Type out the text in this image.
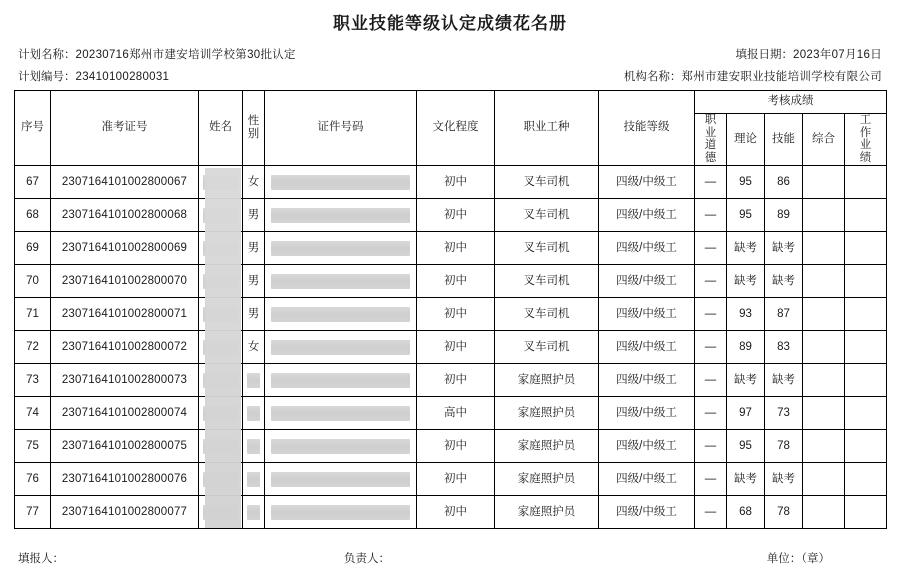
职业技能等级认定成绩花名册
计划名称：20230716郑州市建安培训学校第30批认定	填报日期：2023年07月16日
计划编号：23410100280031	机构名称：郑州市建安职业技能培训学校有限公司
序号	准考证号	姓名	性别	证件号码	文化程度	职业工种	技能等级	考核成绩				
								职业道德	理论	技能	综合	工作业绩
67	2307164101002800067		女		初中	叉车司机	四级/中级工	—	95	86		
68	2307164101002800068		男		初中	叉车司机	四级/中级工	—	95	89		
69	2307164101002800069		男		初中	叉车司机	四级/中级工	—	缺考	缺考		
70	2307164101002800070		男		初中	叉车司机	四级/中级工	—	缺考	缺考		
71	2307164101002800071		男		初中	叉车司机	四级/中级工	—	93	87		
72	2307164101002800072		女		初中	叉车司机	四级/中级工	—	89	83		
73	2307164101002800073				初中	家庭照护员	四级/中级工	—	缺考	缺考		
74	2307164101002800074				高中	家庭照护员	四级/中级工	—	97	73		
75	2307164101002800075				初中	家庭照护员	四级/中级工	—	95	78		
76	2307164101002800076				初中	家庭照护员	四级/中级工	—	缺考	缺考		
77	2307164101002800077				初中	家庭照护员	四级/中级工	—	68	78		
填报人：	负责人：	单位：（章）
